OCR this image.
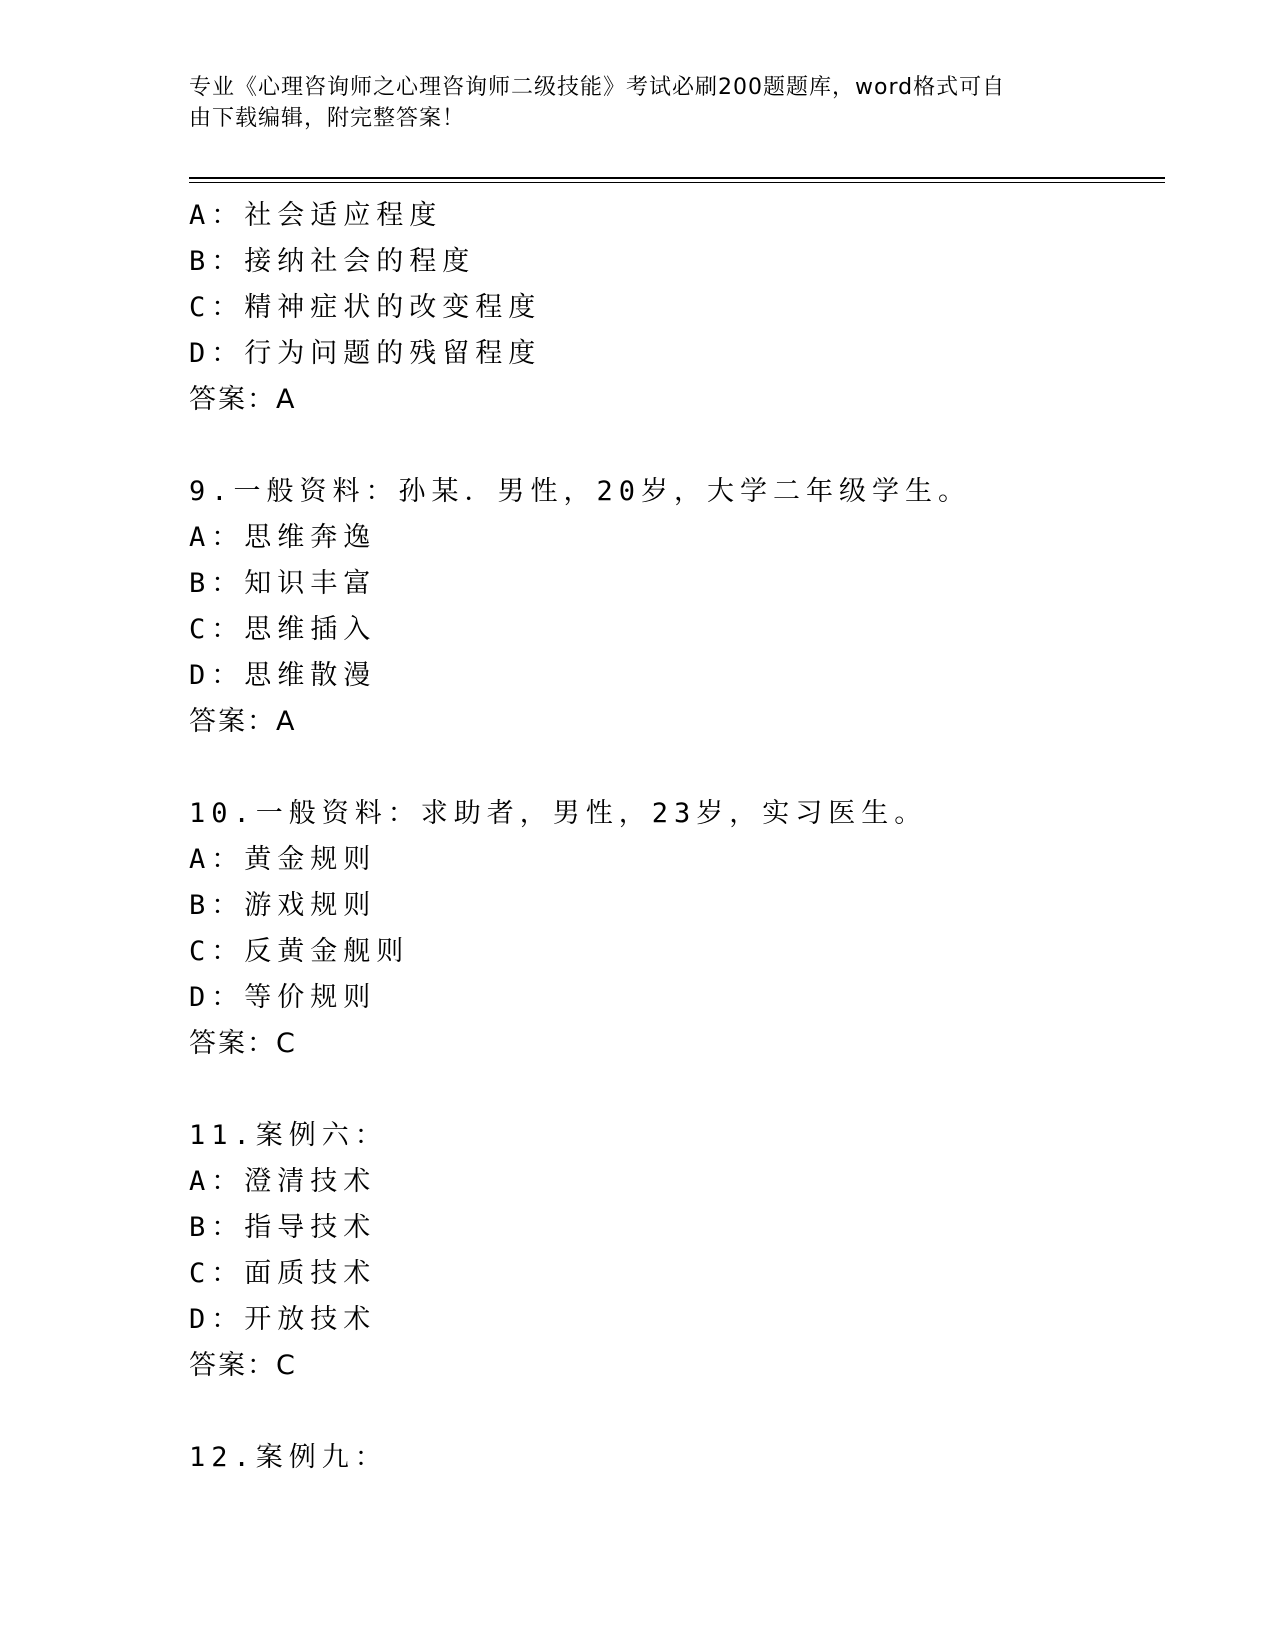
专业《心理咨询师之心理咨询师二级技能》考试必刷200题题库，word格式可自
由下载编辑，附完整答案！
A：社会适应程度
B：接纳社会的程度
C：精神症状的改变程度
D：行为问题的残留程度
答案：A
9.一般资料：孙某．男性，20岁，大学二年级学生。
A：思维奔逸
B：知识丰富
C：思维插入
D：思维散漫
答案：A
10.一般资料：求助者，男性，23岁，实习医生。
A：黄金规则
B：游戏规则
C：反黄金舰则
D：等价规则
答案：C
11.案例六：
A：澄清技术
B：指导技术
C：面质技术
D：开放技术
答案：C
12.案例九：
